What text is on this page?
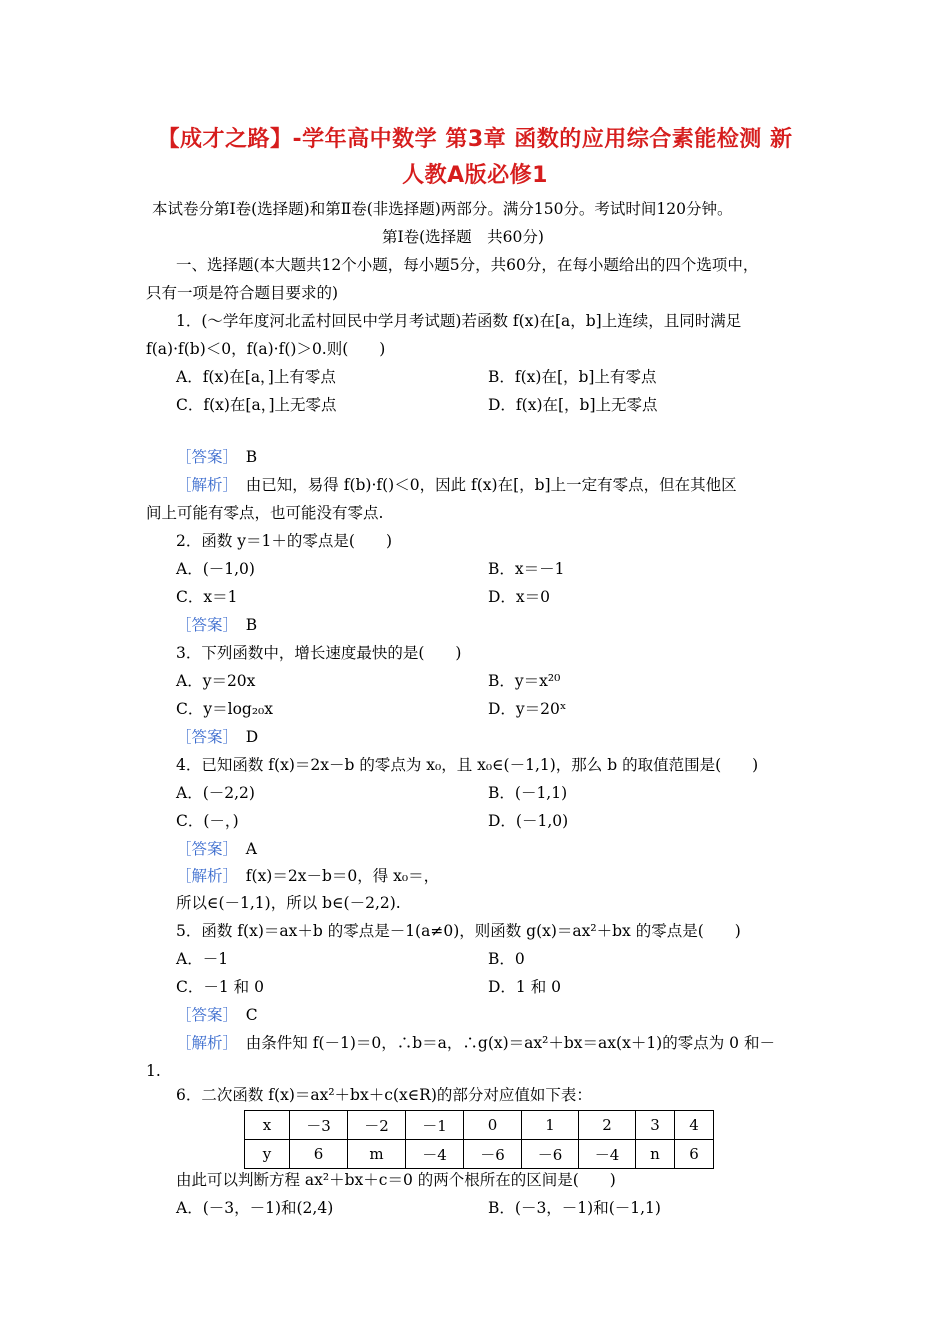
【成才之路】-学年高中数学 第3章 函数的应用综合素能检测 新
人教A版必修1
本试卷分第Ⅰ卷(选择题)和第Ⅱ卷(非选择题)两部分。满分150分。考试时间120分钟。
第Ⅰ卷(选择题　共60分)
一、选择题(本大题共12个小题，每小题5分，共60分，在每小题给出的四个选项中，
只有一项是符合题目要求的)
1．(～学年度河北孟村回民中学月考试题)若函数 f(x)在[a，b]上连续，且同时满足
f(a)·f(b)＜0，f(a)·f()＞0.则(　　)
A．f(x)在[a，]上有零点	B．f(x)在[，b]上有零点
C．f(x)在[a，]上无零点	D．f(x)在[，b]上无零点
［答案］　 B
［解析］　 由已知，易得 f(b)·f()＜0，因此 f(x)在[，b]上一定有零点，但在其他区
间上可能有零点，也可能没有零点.
2．函数 y＝1＋的零点是(　　)
A．(－1,0)	B．x＝－1
C．x＝1	D．x＝0
［答案］　 B
3．下列函数中，增长速度最快的是(　　)
A．y＝20x	B．y＝x²⁰
C．y＝log₂₀x	D．y＝20ˣ
［答案］　 D
4．已知函数 f(x)＝2x－b 的零点为 x₀，且 x₀∈(－1,1)，那么 b 的取值范围是(　　)
A．(－2,2)	B．(－1,1)
C．(－，)	D．(－1,0)
［答案］　 A
［解析］　 f(x)＝2x－b＝0，得 x₀＝，
所以∈(－1,1)，所以 b∈(－2,2).
5．函数 f(x)＝ax＋b 的零点是－1(a≠0)，则函数 g(x)＝ax²＋bx 的零点是(　　)
A．－1	B．0
C．－1 和 0	D．1 和 0
［答案］　 C
［解析］　 由条件知 f(－1)＝0，∴b＝a，∴g(x)＝ax²＋bx＝ax(x＋1)的零点为 0 和－
1.
6．二次函数 f(x)＝ax²＋bx＋c(x∈R)的部分对应值如下表：
x	－3	－2	－1	0	1	2	3	4
y	6	m	－4	－6	－6	－4	n	6
由此可以判断方程 ax²＋bx＋c＝0 的两个根所在的区间是(　　)
A．(－3，－1)和(2,4)	B．(－3，－1)和(－1,1)
